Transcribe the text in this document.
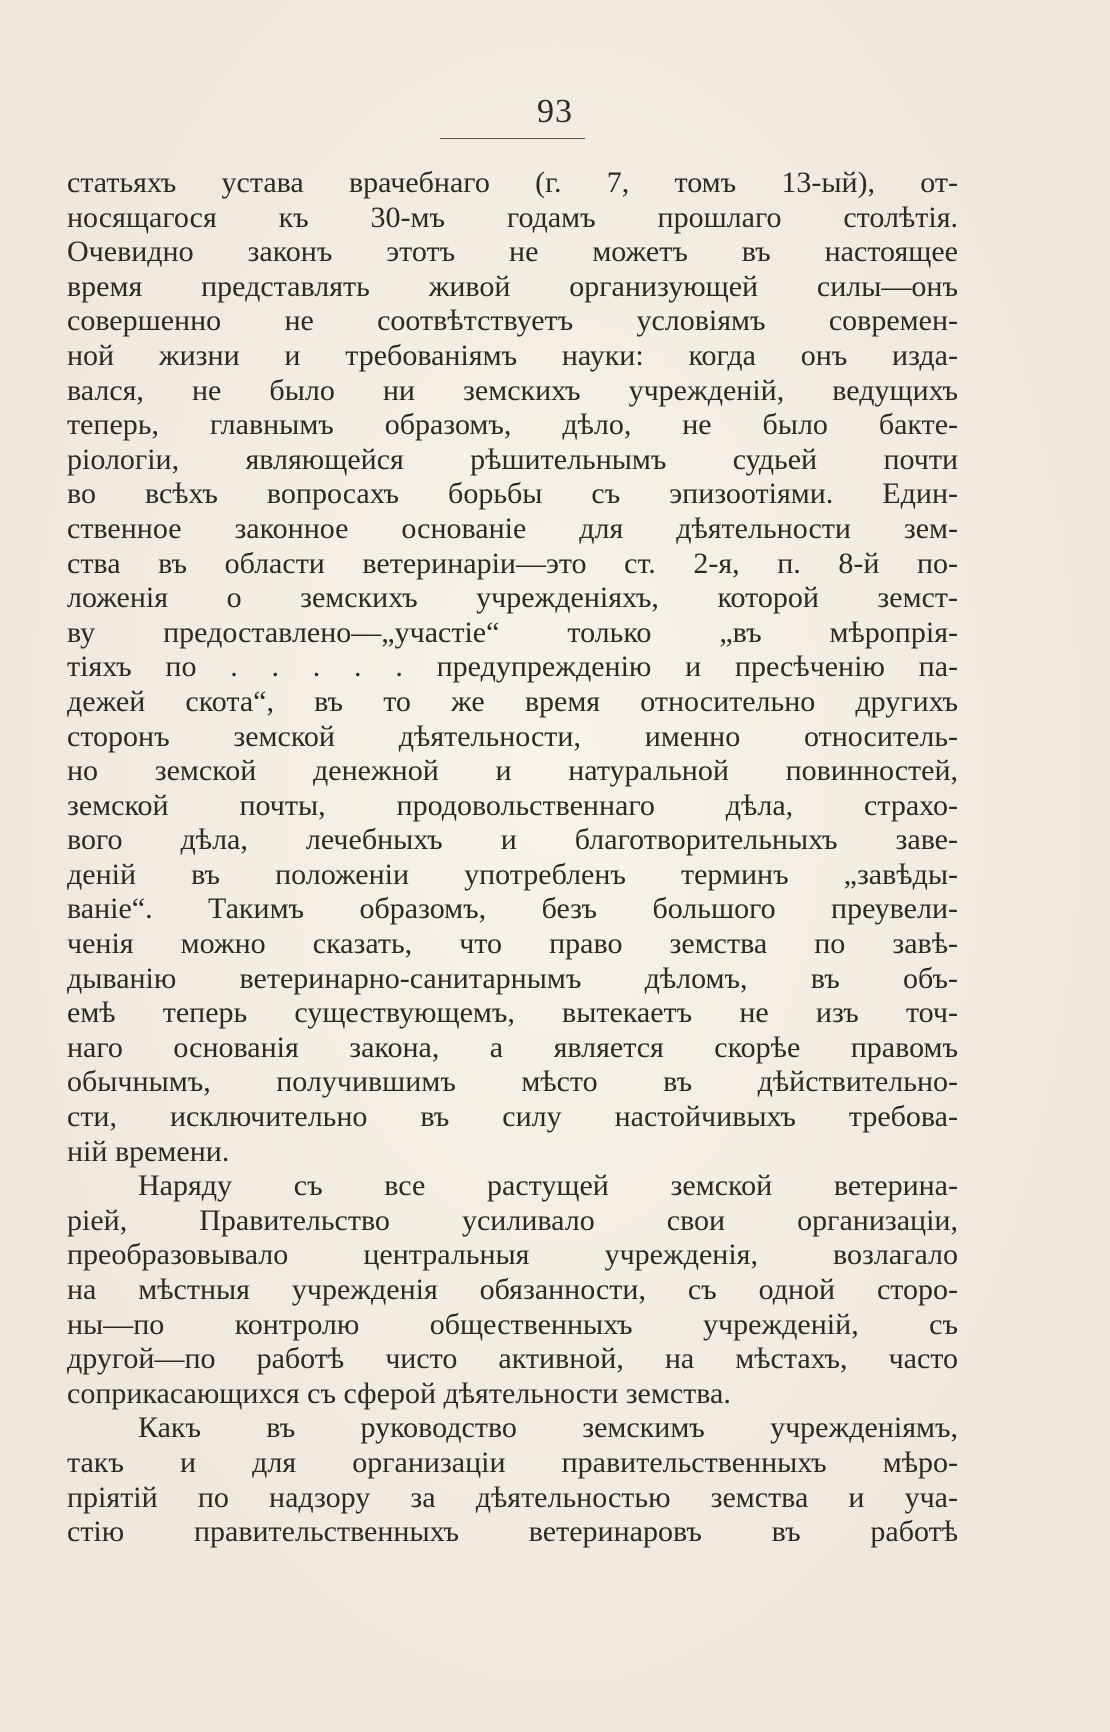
93
статьяхъ устава врачебнаго (г. 7, томъ 13-ый), от-
носящагося къ 30-мъ годамъ прошлаго столѣтія.
Очевидно законъ этотъ не можетъ въ настоящее
время представлять живой организующей силы—онъ
совершенно не соотвѣтствуетъ условіямъ современ-
ной жизни и требованіямъ науки: когда онъ изда-
вался, не было ни земскихъ учрежденій, ведущихъ
теперь, главнымъ образомъ, дѣло, не было бакте-
ріологіи, являющейся рѣшительнымъ судьей почти
во всѣхъ вопросахъ борьбы съ эпизоотіями. Един-
ственное законное основаніе для дѣятельности зем-
ства въ области ветеринаріи—это ст. 2-я, п. 8-й по-
ложенія о земскихъ учрежденіяхъ, которой земст-
ву предоставлено—„участіе“ только „въ мѣропрія-
тіяхъ по . . . . . предупрежденію и пресѣченію па-
дежей скота“, въ то же время относительно другихъ
сторонъ земской дѣятельности, именно относитель-
но земской денежной и натуральной повинностей,
земской почты, продовольственнаго дѣла, страхо-
вого дѣла, лечебныхъ и благотворительныхъ заве-
деній въ положеніи употребленъ терминъ „завѣды-
ваніе“. Такимъ образомъ, безъ большого преувели-
ченія можно сказать, что право земства по завѣ-
дыванію ветеринарно-санитарнымъ дѣломъ, въ объ-
емѣ теперь существующемъ, вытекаетъ не изъ точ-
наго основанія закона, а является скорѣе правомъ
обычнымъ, получившимъ мѣсто въ дѣйствительно-
сти, исключительно въ силу настойчивыхъ требова-
ній времени.
Наряду съ все растущей земской ветерина-
ріей, Правительство усиливало свои организаціи,
преобразовывало центральныя учрежденія, возлагало
на мѣстныя учрежденія обязанности, съ одной сторо-
ны—по контролю общественныхъ учрежденій, съ
другой—по работѣ чисто активной, на мѣстахъ, часто
соприкасающихся съ сферой дѣятельности земства.
Какъ въ руководство земскимъ учрежденіямъ,
такъ и для организаціи правительственныхъ мѣро-
пріятій по надзору за дѣятельностью земства и уча-
стію правительственныхъ ветеринаровъ въ работѣ
